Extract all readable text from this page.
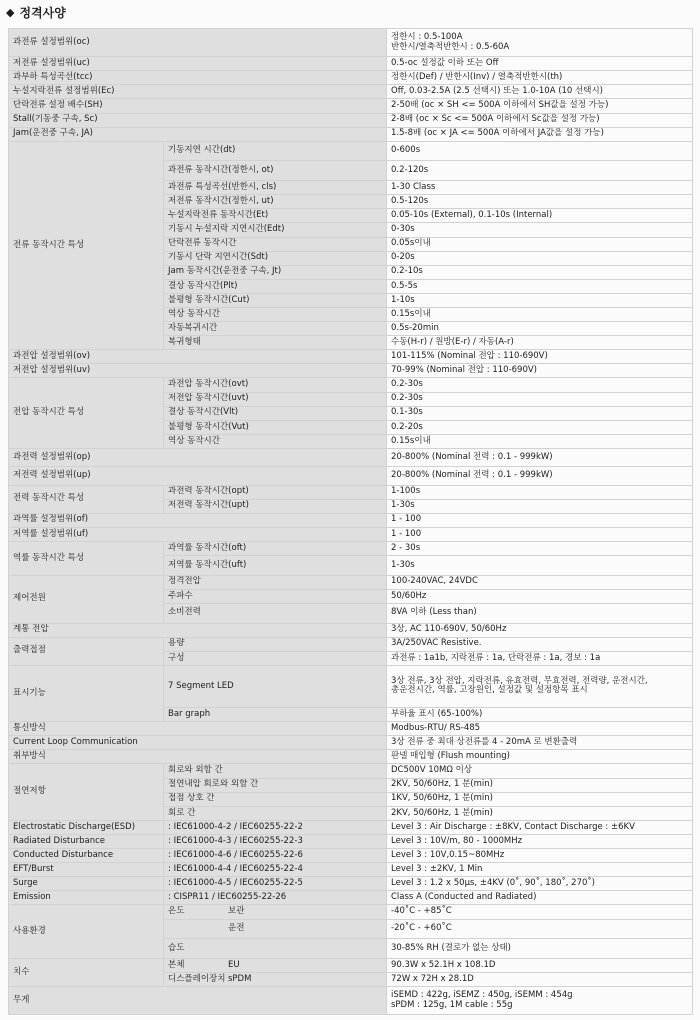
◆ 정격사양
과전류 설정범위(oc)		정한시 : 0.5-100A
반한시/열축적반한시 : 0.5-60A

저전류 설정범위(uc)		0.5-oc 설정값 이하 또는 Off

과부하 특성곡선(tcc)		정한시(Def) / 반한시(Inv) / 열축적반한시(th)

누설지락전류 설정범위(Ec)		Off, 0.03-2.5A (2.5 선택시) 또는 1.0-10A (10 선택시)

단락전류 설정 배수(SH)		2-50배 (oc × SH <= 500A 이하에서 SH값을 설정 가능)

Stall(기동중 구속, Sc)		2-8배 (oc × Sc <= 500A 이하에서 Sc값을 설정 가능)

Jam(운전중 구속, JA)		1.5-8배 (oc × JA <= 500A 이하에서 JA값을 설정 가능)

전류 동작시간 특성	기동지연 시간(dt)	0-600s
	과전류 동작시간(정한시, ot)	0.2-120s
	과전류 특성곡선(반한시, cls)	1-30 Class
	저전류 동작시간(정한시, ut)	0.5-120s
	누설지락전류 동작시간(Et)	0.05-10s (External), 0.1-10s (Internal)
	기동시 누설지락 지연시간(Edt)	0-30s
	단락전류 동작시간	0.05s이내
	기동시 단락 지연시간(Sdt)	0-20s
	Jam 동작시간(운전중 구속, Jt)	0.2-10s
	결상 동작시간(Plt)	0.5-5s
	불평형 동작시간(Cut)	1-10s
	역상 동작시간	0.15s이내
	자동복귀시간	0.5s-20min
	복귀형태	수동(H-r) / 원방(E-r) / 자동(A-r)
과전압 설정범위(ov)		101-115% (Nominal 전압 : 110-690V)
저전압 설정범위(uv)		70-99% (Nominal 전압 : 110-690V)
전압 동작시간 특성	과전압 동작시간(ovt)	0.2-30s
	저전압 동작시간(uvt)	0.2-30s
	결상 동작시간(Vlt)	0.1-30s
	불평형 동작시간(Vut)	0.2-20s
	역상 동작시간	0.15s이내
과전력 설정범위(op)		20-800% (Nominal 전력 : 0.1 - 999kW)
저전력 설정범위(up)		20-800% (Nominal 전력 : 0.1 - 999kW)
전력 동작시간 특성	과전력 동작시간(opt)	1-100s
	저전력 동작시간(upt)	1-30s
과역률 설정범위(of)		1 - 100
저역률 설정범위(uf)		1 - 100
역률 동작시간 특성	과역률 동작시간(oft)	2 - 30s
	저역률 동작시간(uft)	1-30s
제어전원	정격전압	100-240VAC, 24VDC
	주파수	50/60Hz
	소비전력	8VA 이하 (Less than)
계통 전압		3상, AC 110-690V, 50/60Hz
출력접점	용량	3A/250VAC Resistive.
	구성	과전류 : 1a1b, 지락전류 : 1a, 단락전류 : 1a, 경보 : 1a
표시기능	7 Segment LED	3상 전류, 3상 전압, 지락전류, 유효전력, 무효전력, 전력량, 운전시간,
총운전시간, 역률, 고장원인, 설정값 및 설정항목 표시

	Bar graph	부하율 표시 (65-100%)

통신방식		Modbus-RTU/ RS-485
Current Loop Communication		3상 전류 중 최대 상전류를 4 - 20mA 로 변환출력
취부방식		판넬 매입형 (Flush mounting)
절연저항	회로와 외함 간	DC500V 10MΩ 이상
	절연내압 회로와 외함 간	2KV, 50/60Hz, 1 분(min)
	접점 상호 간	1KV, 50/60Hz, 1 분(min)
	회로 간	2KV, 50/60Hz, 1 분(min)
Electrostatic Discharge(ESD)	: IEC61000-4-2 / IEC60255-22-2	Level 3 : Air Discharge : ±8KV, Contact Discharge : ±6KV
Radiated Disturbance	: IEC61000-4-3 / IEC60255-22-3	Level 3 : 10V/m, 80 - 1000MHz
Conducted Disturbance	: IEC61000-4-6 / IEC60255-22-6	Level 3 : 10V,0.15~80MHz
EFT/Burst	: IEC61000-4-4 / IEC60255-22-4	Level 3 : ±2KV, 1 Min
Surge	: IEC61000-4-5 / IEC60255-22-5	Level 3 : 1.2 x 50μs, ±4KV (0˚, 90˚, 180˚, 270˚)
Emission	: CISPR11 / IEC60255-22-26	Class A (Conducted and Radiated)
사용환경	온도 보관	-40˚C - +85˚C
	운전	-20˚C - +60˚C
	습도	30-85% RH (결로가 없는 상태)
치수	본체 EU	90.3W x 52.1H x 108.1D
	디스플레이장치 sPDM	72W x 72H x 28.1D
무게		iSEMD : 422g, iSEMZ : 450g, iSEMM : 454g
sPDM : 125g, 1M cable : 55g
